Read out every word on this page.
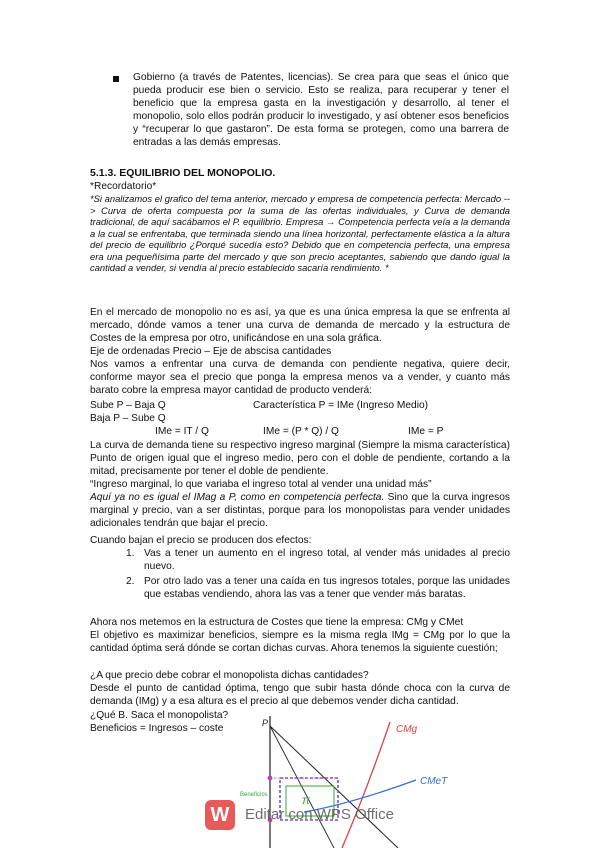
Gobierno (a través de Patentes, licencias). Se crea para que seas el único que pueda producir ese bien o servicio. Esto se realiza, para recuperar y tener el beneficio que la empresa gasta en la investigación y desarrollo, al tener el monopolio, solo ellos podrán producir lo investigado, y así obtener esos beneficios y “recuperar lo que gastaron”. De esta forma se protegen, como una barrera de entradas a las demás empresas.
5.1.3. EQUILIBRIO DEL MONOPOLIO.
*Recordatorio*
*Si analizamos el grafico del tema anterior, mercado y empresa de competencia perfecta: Mercado --> Curva de oferta compuesta por la suma de las ofertas individuales, y Curva de demanda tradicional, de aquí sacábamos el P. equilibrio. Empresa → Competencia perfecta veía a la demanda a la cual se enfrentaba, que terminada siendo una línea horizontal, perfectamente elástica a la altura del precio de equilibrio ¿Porqué sucedía esto? Debido que en competencia perfecta, una empresa era una pequeñísima parte del mercado y que son precio aceptantes, sabiendo que dando igual la cantidad a vender, si vendía al precio establecido sacaría rendimiento. *
En el mercado de monopolio no es así, ya que es una única empresa la que se enfrenta al mercado, dónde vamos a tener una curva de demanda de mercado y la estructura de Costes de la empresa por otro, unificándose en una sola gráfica.
Eje de ordenadas Precio – Eje de abscisa cantidades
Nos vamos a enfrentar una curva de demanda con pendiente negativa, quiere decir, conforme mayor sea el precio que ponga la empresa menos va a vender, y cuanto más barato cobre la empresa mayor cantidad de producto venderá:
Sube P – Baja Q	Característica P = IMe (Ingreso Medio)
Baja P – Sube Q
IMe = IT / Q	IMe = (P * Q) / Q	IMe = P
La curva de demanda tiene su respectivo ingreso marginal (Siempre la misma característica) Punto de origen igual que el ingreso medio, pero con el doble de pendiente, cortando a la mitad, precisamente por tener el doble de pendiente.
“Ingreso marginal, lo que variaba el ingreso total al vender una unidad más”
Aquí ya no es igual el IMag a P, como en competencia perfecta. Sino que la curva ingresos marginal y precio, van a ser distintas, porque para los monopolistas para vender unidades adicionales tendrán que bajar el precio.
Cuando bajan el precio se producen dos efectos:
1. Vas a tener un aumento en el ingreso total, al vender más unidades al precio nuevo.
2. Por otro lado vas a tener una caída en tus ingresos totales, porque las unidades que estabas vendiendo, ahora las vas a tener que vender más baratas.
Ahora nos metemos en la estructura de Costes que tiene la empresa: CMg y CMet
El objetivo es maximizar beneficios, siempre es la misma regla IMg = CMg por lo que la cantidad óptima será dónde se cortan dichas curvas. Ahora tenemos la siguiente cuestión;
¿A que precio debe cobrar el monopolista dichas cantidades?
Desde el punto de cantidad óptima, tengo que subir hasta dónde choca con la curva de demanda (IMg) y a esa altura es el precio al que debemos vender dicha cantidad.
¿Qué B. Saca el monopolista?
Beneficios = Ingresos – coste	P
CMg
CMeT
π
Beneficios
W	Editar con WPS Office
